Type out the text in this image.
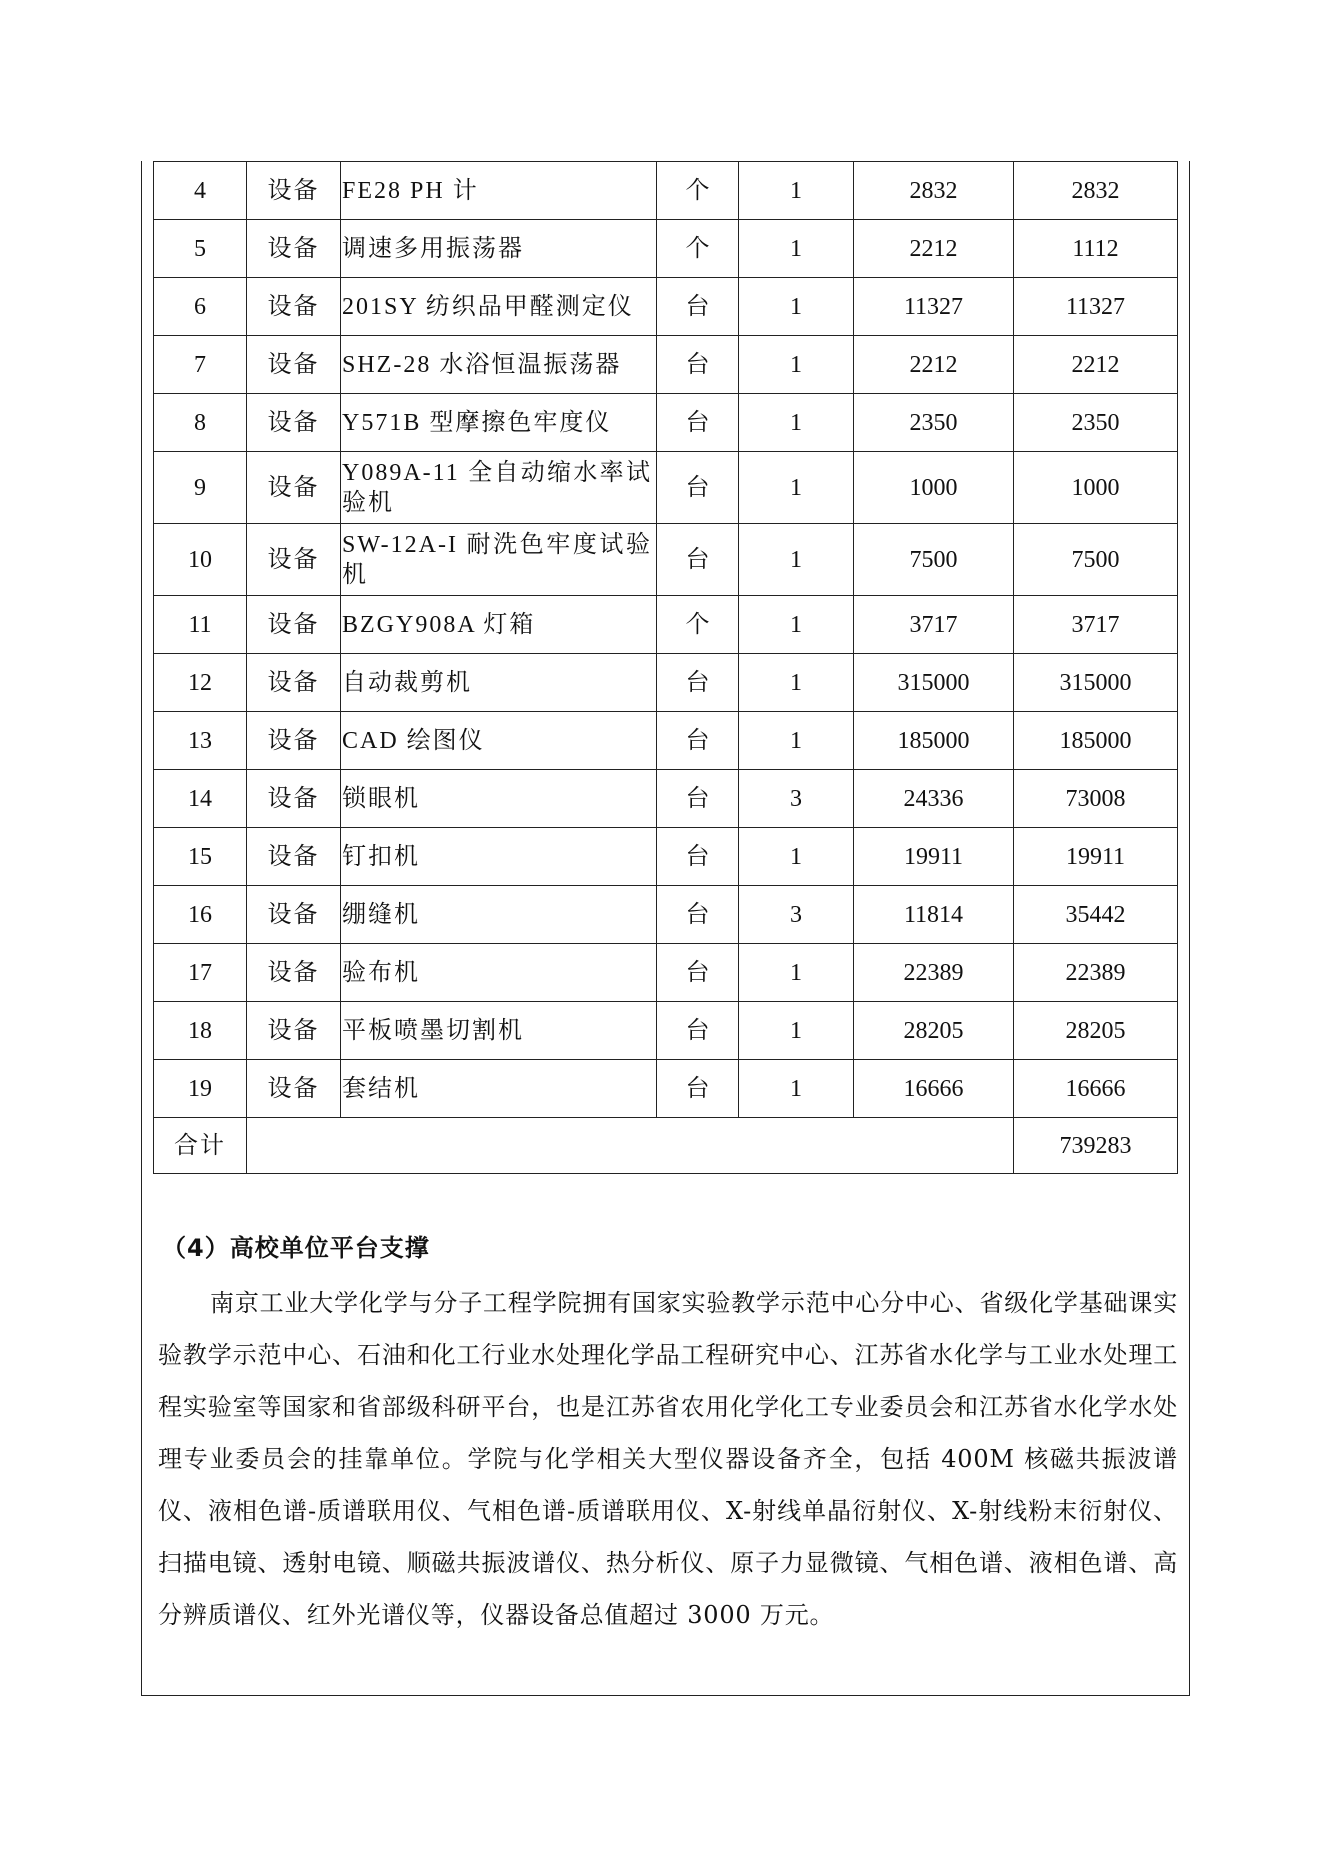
4	设备	FE28 PH 计	个	1	2832	2832
5	设备	调速多用振荡器	个	1	2212	1112
6	设备	201SY 纺织品甲醛测定仪	台	1	11327	11327
7	设备	SHZ-28 水浴恒温振荡器	台	1	2212	2212
8	设备	Y571B 型摩擦色牢度仪	台	1	2350	2350
9	设备	Y089A-11 全自动缩水率试验机	台	1	1000	1000
10	设备	SW-12A-I 耐洗色牢度试验机	台	1	7500	7500
11	设备	BZGY908A 灯箱	个	1	3717	3717
12	设备	自动裁剪机	台	1	315000	315000
13	设备	CAD 绘图仪	台	1	185000	185000
14	设备	锁眼机	台	3	24336	73008
15	设备	钉扣机	台	1	19911	19911
16	设备	绷缝机	台	3	11814	35442
17	设备	验布机	台	1	22389	22389
18	设备	平板喷墨切割机	台	1	28205	28205
19	设备	套结机	台	1	16666	16666
合计						739283

（4）高校单位平台支撑

南京工业大学化学与分子工程学院拥有国家实验教学示范中心分中心、省级化学基础课实验教学示范中心、石油和化工行业水处理化学品工程研究中心、江苏省水化学与工业水处理工程实验室等国家和省部级科研平台，也是江苏省农用化学化工专业委员会和江苏省水化学水处理专业委员会的挂靠单位。学院与化学相关大型仪器设备齐全，包括 400M 核磁共振波谱仪、液相色谱-质谱联用仪、气相色谱-质谱联用仪、X-射线单晶衍射仪、X-射线粉末衍射仪、扫描电镜、透射电镜、顺磁共振波谱仪、热分析仪、原子力显微镜、气相色谱、液相色谱、高分辨质谱仪、红外光谱仪等，仪器设备总值超过 3000 万元。
